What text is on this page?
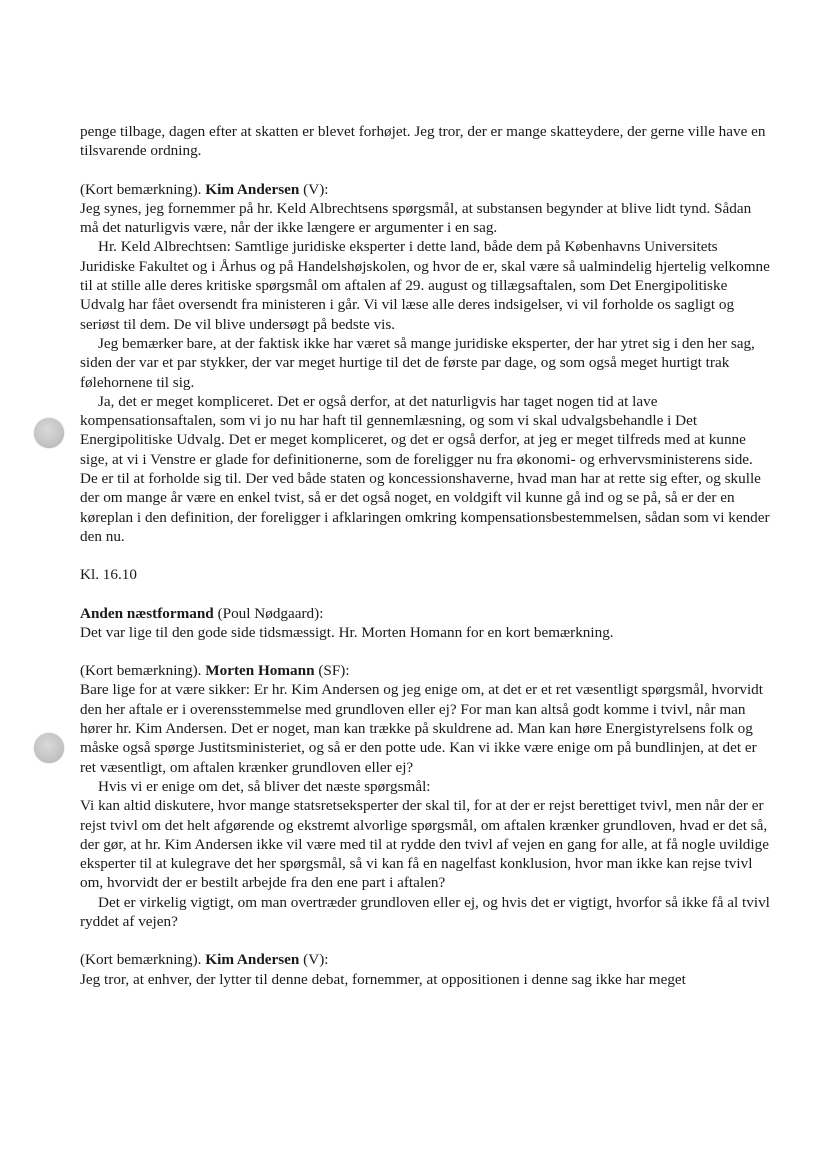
penge tilbage, dagen efter at skatten er blevet forhøjet. Jeg tror, der er mange skatteydere, der gerne ville have en tilsvarende ordning.

(Kort bemærkning). Kim Andersen (V):

Jeg synes, jeg fornemmer på hr. Keld Albrechtsens spørgsmål, at substansen begynder at blive lidt tynd. Sådan må det naturligvis være, når der ikke længere er argumenter i en sag.

Hr. Keld Albrechtsen: Samtlige juridiske eksperter i dette land, både dem på Københavns Universitets Juridiske Fakultet og i Århus og på Handelshøjskolen, og hvor de er, skal være så ualmindelig hjertelig velkomne til at stille alle deres kritiske spørgsmål om aftalen af 29. august og tillægsaftalen, som Det Energipolitiske Udvalg har fået oversendt fra ministeren i går. Vi vil læse alle deres indsigelser, vi vil forholde os sagligt og seriøst til dem. De vil blive undersøgt på bedste vis.

Jeg bemærker bare, at der faktisk ikke har været så mange juridiske eksperter, der har ytret sig i den her sag, siden der var et par stykker, der var meget hurtige til det de første par dage, og som også meget hurtigt trak følehornene til sig.

Ja, det er meget kompliceret. Det er også derfor, at det naturligvis har taget nogen tid at lave kompensationsaftalen, som vi jo nu har haft til gennemlæsning, og som vi skal udvalgsbehandle i Det Energipolitiske Udvalg. Det er meget kompliceret, og det er også derfor, at jeg er meget tilfreds med at kunne sige, at vi i Venstre er glade for definitionerne, som de foreligger nu fra økonomi- og erhvervsministerens side. De er til at forholde sig til. Der ved både staten og koncessionshaverne, hvad man har at rette sig efter, og skulle der om mange år være en enkel tvist, så er det også noget, en voldgift vil kunne gå ind og se på, så er der en køreplan i den definition, der foreligger i afklaringen omkring kompensationsbestemmelsen, sådan som vi kender den nu.

Kl. 16.10

Anden næstformand (Poul Nødgaard):

Det var lige til den gode side tidsmæssigt. Hr. Morten Homann for en kort bemærkning.

(Kort bemærkning). Morten Homann (SF):

Bare lige for at være sikker: Er hr. Kim Andersen og jeg enige om, at det er et ret væsentligt spørgsmål, hvorvidt den her aftale er i overensstemmelse med grundloven eller ej? For man kan altså godt komme i tvivl, når man hører hr. Kim Andersen. Det er noget, man kan trække på skuldrene ad. Man kan høre Energistyrelsens folk og måske også spørge Justitsministeriet, og så er den potte ude. Kan vi ikke være enige om på bundlinjen, at det er ret væsentligt, om aftalen krænker grundloven eller ej?

Hvis vi er enige om det, så bliver det næste spørgsmål:

Vi kan altid diskutere, hvor mange statsretseksperter der skal til, for at der er rejst berettiget tvivl, men når der er rejst tvivl om det helt afgørende og ekstremt alvorlige spørgsmål, om aftalen krænker grundloven, hvad er det så, der gør, at hr. Kim Andersen ikke vil være med til at rydde den tvivl af vejen en gang for alle, at få nogle uvildige eksperter til at kulegrave det her spørgsmål, så vi kan få en nagelfast konklusion, hvor man ikke kan rejse tvivl om, hvorvidt der er bestilt arbejde fra den ene part i aftalen?

Det er virkelig vigtigt, om man overtræder grundloven eller ej, og hvis det er vigtigt, hvorfor så ikke få al tvivl ryddet af vejen?

(Kort bemærkning). Kim Andersen (V):

Jeg tror, at enhver, der lytter til denne debat, fornemmer, at oppositionen i denne sag ikke har meget
